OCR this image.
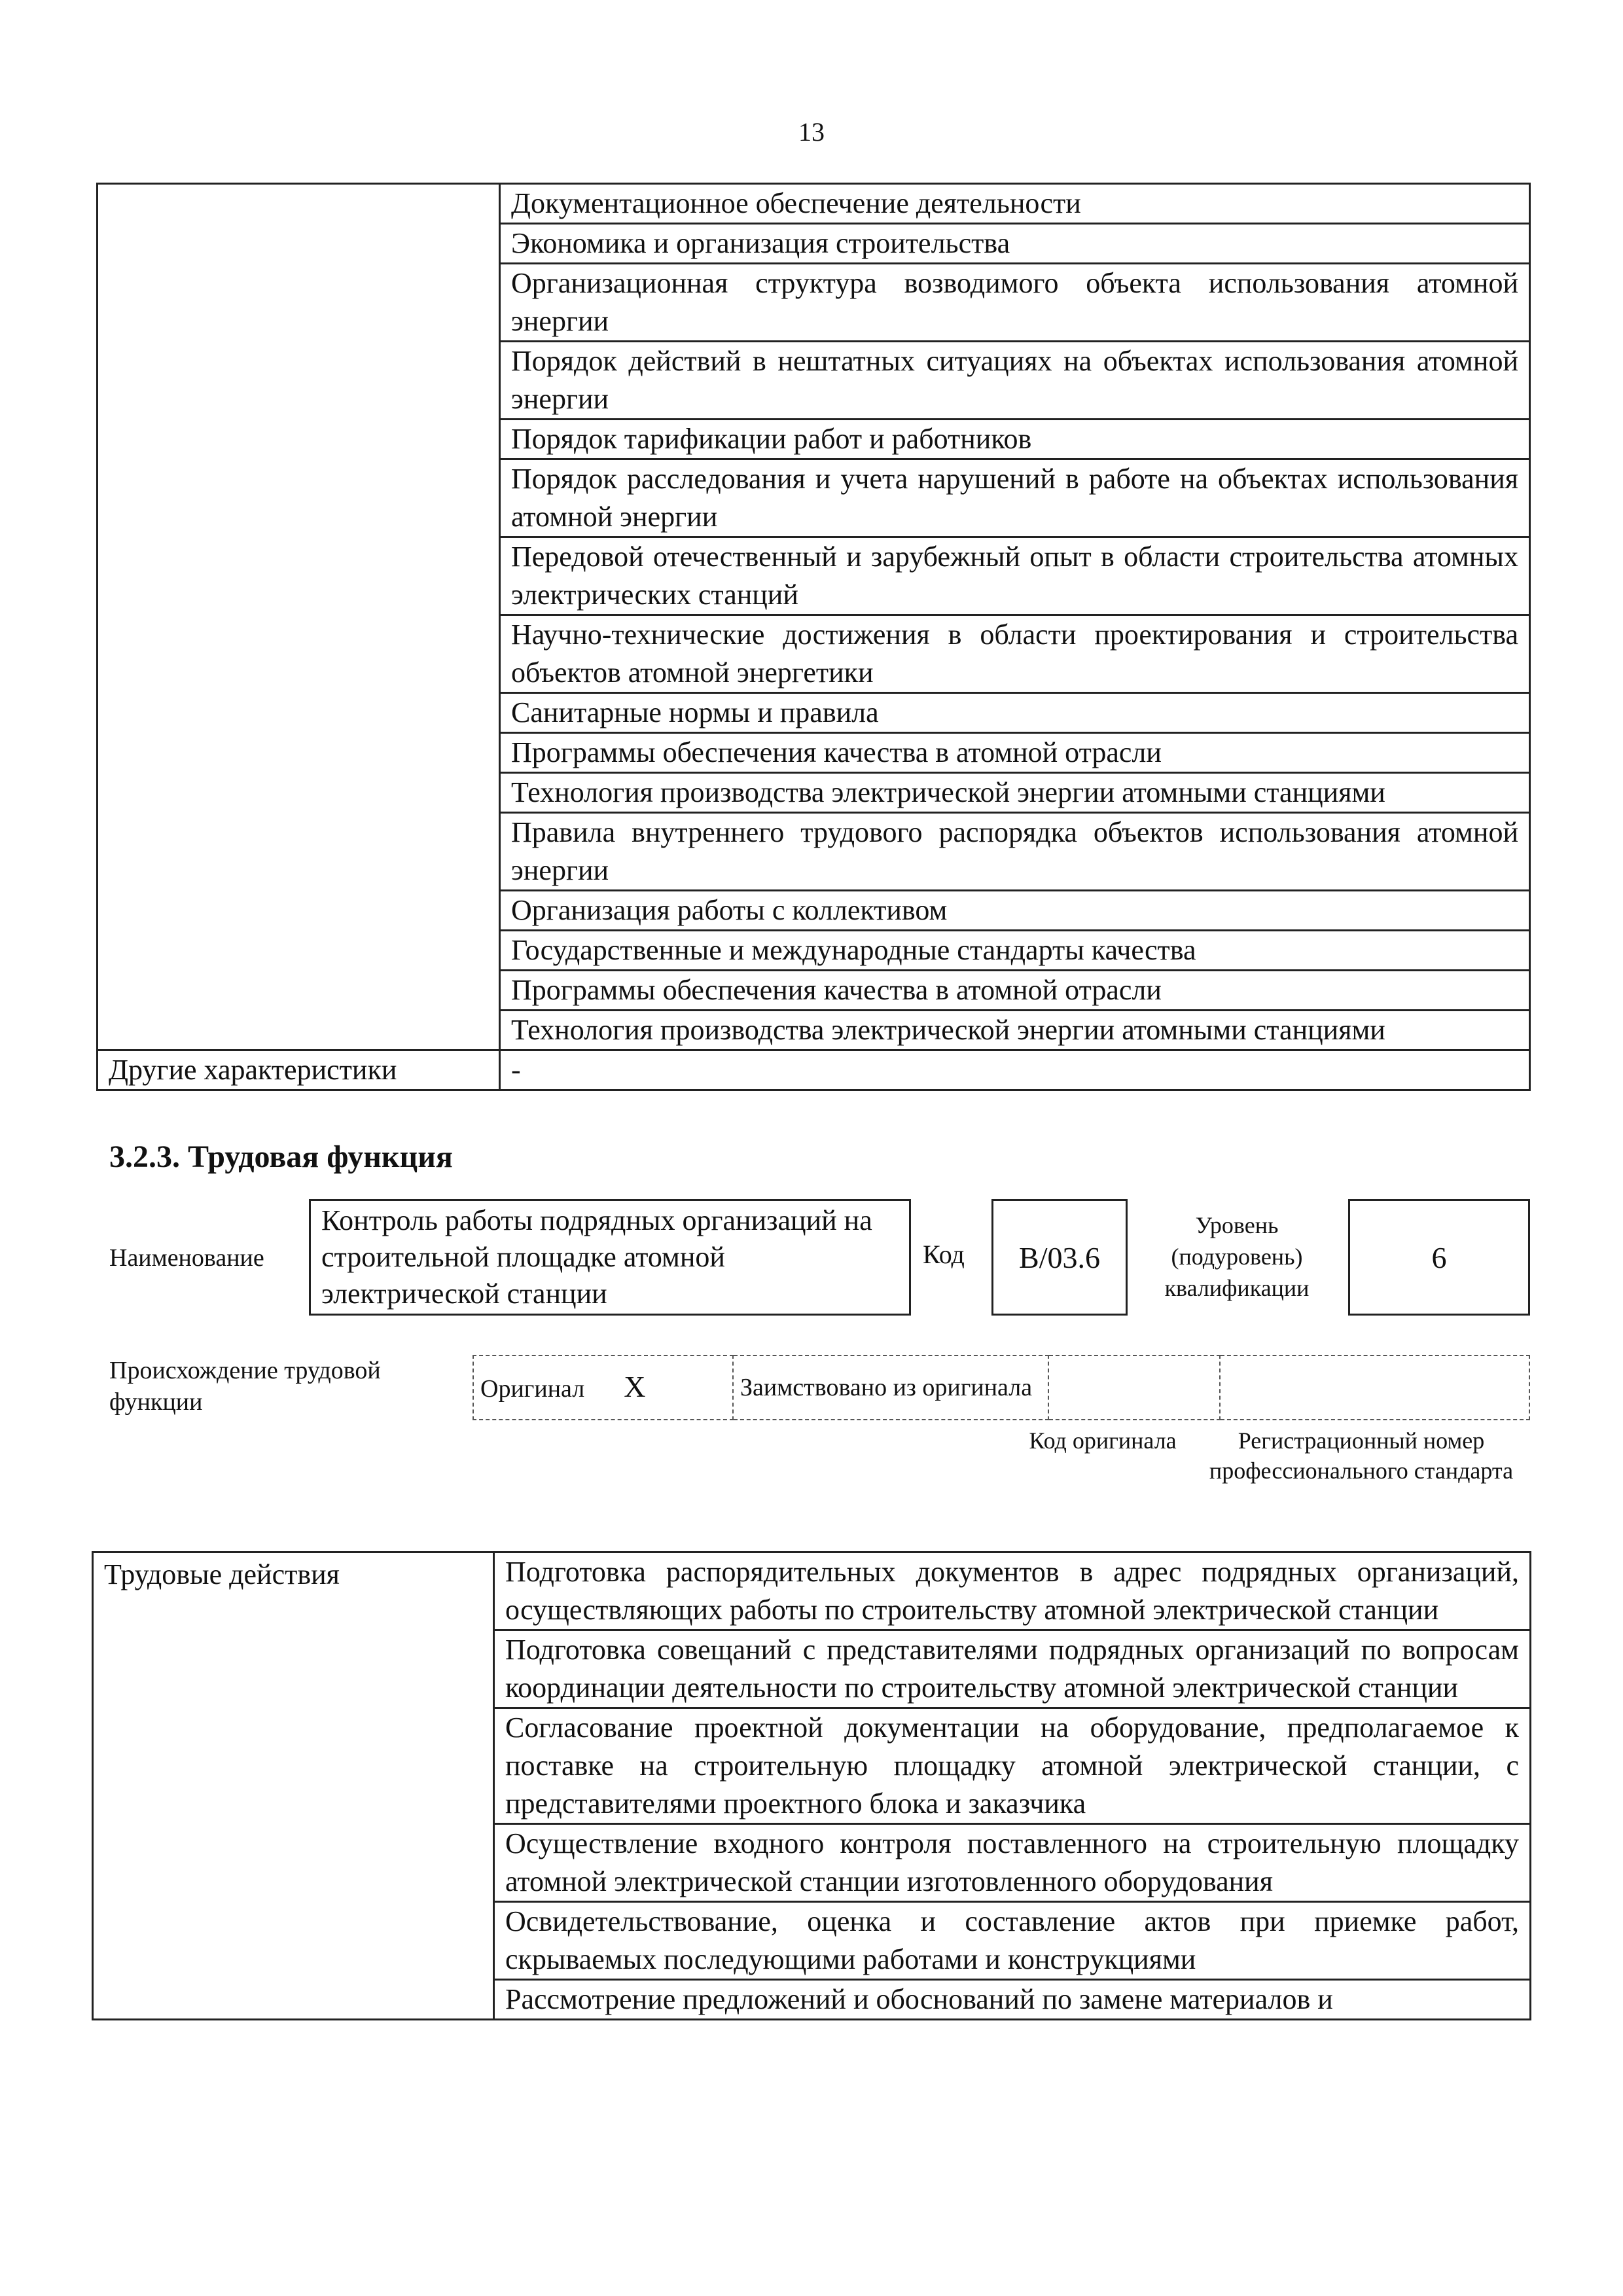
13
	Документационное обеспечение деятельности
	Экономика и организация строительства
	Организационная структура возводимого объекта использования атомной энергии
	Порядок действий в нештатных ситуациях на объектах использования атомной энергии
	Порядок тарификации работ и работников
	Порядок расследования и учета нарушений в работе на объектах использования атомной энергии
	Передовой отечественный и зарубежный опыт в области строительства атомных электрических станций
	Научно-технические достижения в области проектирования и строительства объектов атомной энергетики
	Санитарные нормы и правила
	Программы обеспечения качества в атомной отрасли
	Технология производства электрической энергии атомными станциями
	Правила внутреннего трудового распорядка объектов использования атомной энергии
	Организация работы с коллективом
	Государственные и международные стандарты качества
	Программы обеспечения качества в атомной отрасли
	Технология производства электрической энергии атомными станциями
Другие характеристики	-
3.2.3. Трудовая функция
Наименование
Контроль работы подрядных организаций на строительной площадке атомной электрической станции
Код	B/03.6
Уровень (подуровень) квалификации
6
Происхождение трудовой функции	Оригинал X	Заимствовано из оригинала		
Код оригинала	Регистрационный номер профессионального стандарта
Трудовые действия	Подготовка распорядительных документов в адрес подрядных организаций, осуществляющих работы по строительству атомной электрической станции
Подготовка совещаний с представителями подрядных организаций по вопросам координации деятельности по строительству атомной электрической станции
Согласование проектной документации на оборудование, предполагаемое к поставке на строительную площадку атомной электрической станции, с представителями проектного блока и заказчика
Осуществление входного контроля поставленного на строительную площадку атомной электрической станции изготовленного оборудования
Освидетельствование, оценка и составление актов при приемке работ, скрываемых последующими работами и конструкциями
Рассмотрение предложений и обоснований по замене материалов и
